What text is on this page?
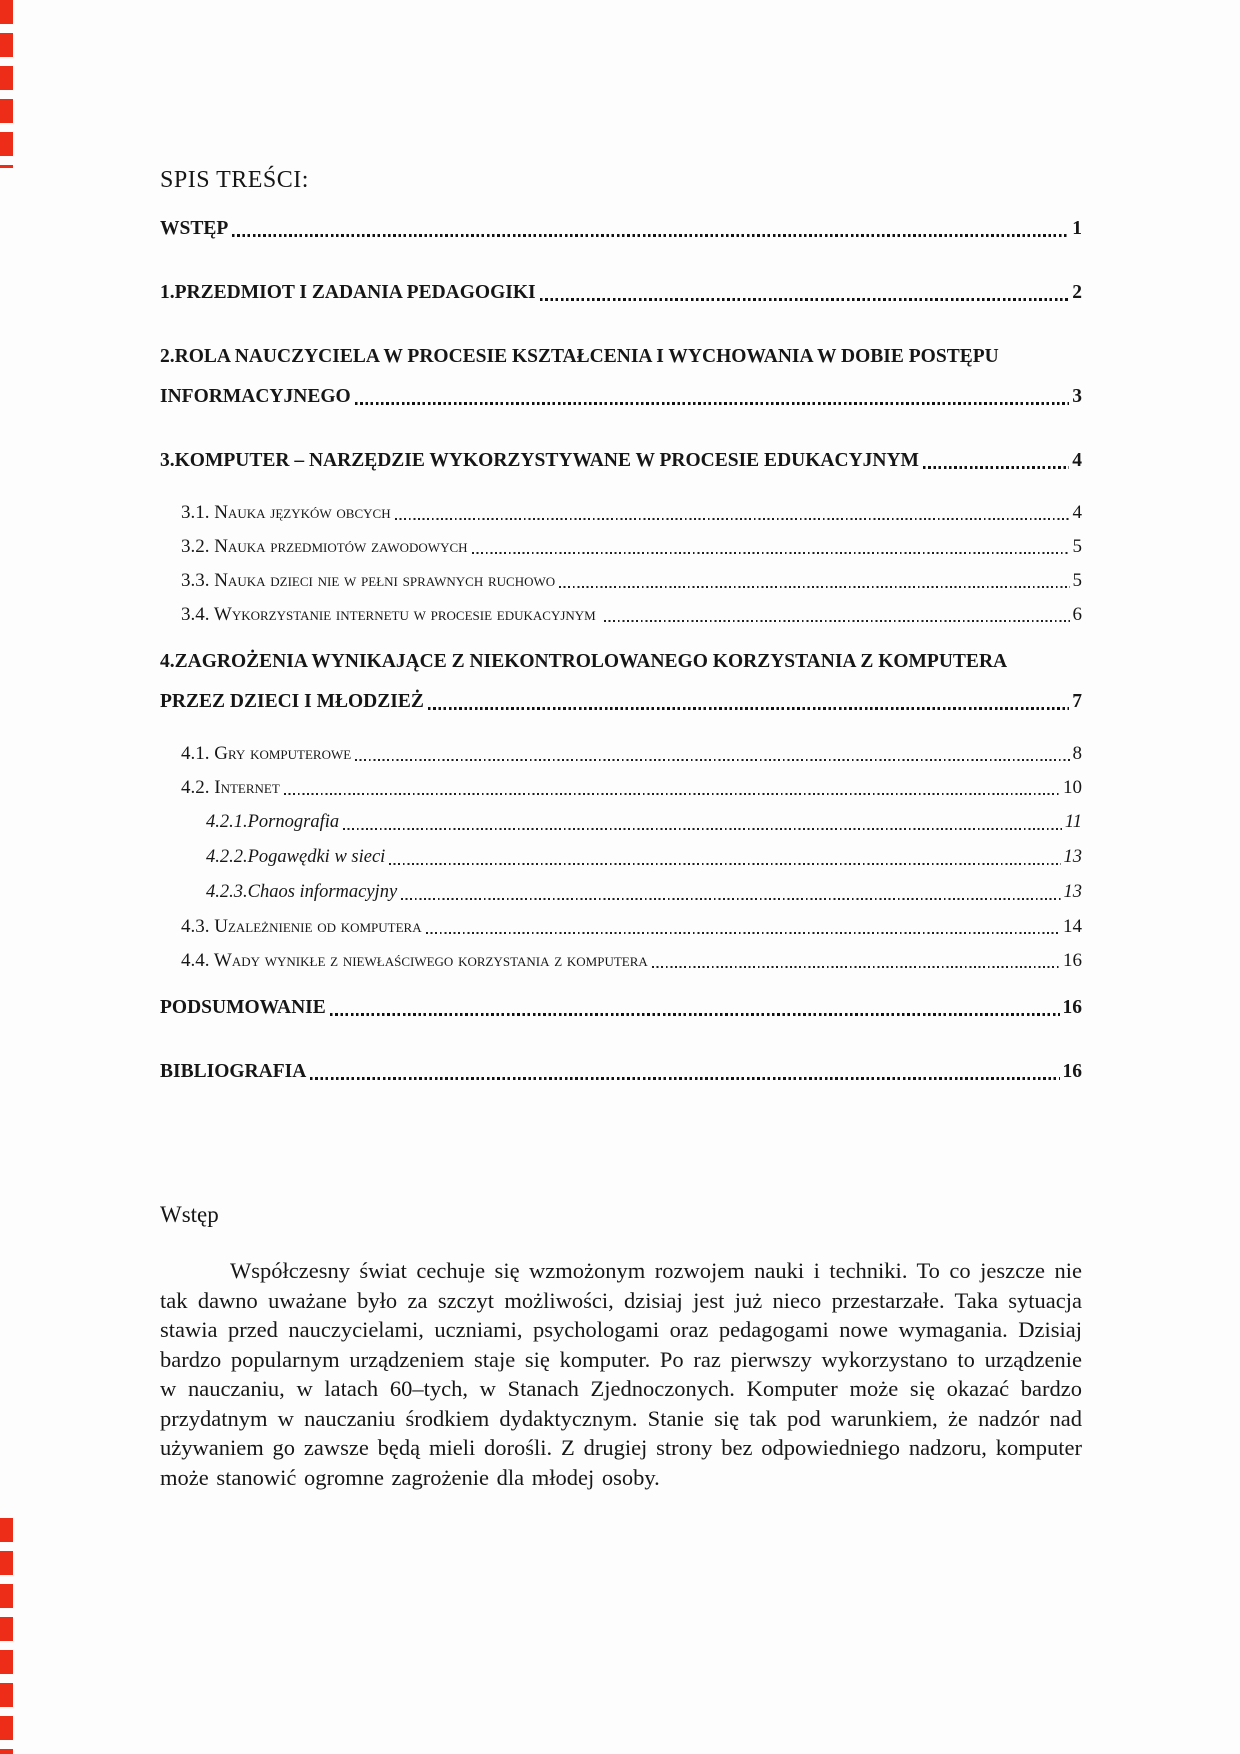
SPIS TREŚCI:
WSTĘP	1
1.PRZEDMIOT I ZADANIA PEDAGOGIKI	2
2.ROLA NAUCZYCIELA W PROCESIE KSZTAŁCENIA I WYCHOWANIA W DOBIE POSTĘPU
INFORMACYJNEGO	3
3.KOMPUTER – NARZĘDZIE WYKORZYSTYWANE W PROCESIE EDUKACYJNYM	4
3.1. Nauka języków obcych	4
3.2. Nauka przedmiotów zawodowych	5
3.3. Nauka dzieci nie w pełni sprawnych ruchowo	5
3.4. Wykorzystanie internetu w procesie edukacyjnym	6
4.ZAGROŻENIA WYNIKAJĄCE Z NIEKONTROLOWANEGO KORZYSTANIA Z KOMPUTERA
PRZEZ DZIECI I MŁODZIEŻ	7
4.1. Gry komputerowe	8
4.2. Internet	10
4.2.1.Pornografia	11
4.2.2.Pogawędki w sieci	13
4.2.3.Chaos informacyjny	13
4.3. Uzależnienie od komputera	14
4.4. Wady wynikłe z niewłaściwego korzystania z komputera	16
PODSUMOWANIE	16
BIBLIOGRAFIA	16
Wstęp

Współczesny świat cechuje się wzmożonym rozwojem nauki i techniki. To co jeszcze nie tak dawno uważane było za szczyt możliwości, dzisiaj jest już nieco przestarzałe. Taka sytuacja stawia przed nauczycielami, uczniami, psychologami oraz pedagogami nowe wymagania. Dzisiaj bardzo popularnym urządzeniem staje się komputer. Po raz pierwszy wykorzystano to urządzenie w nauczaniu, w latach 60–tych, w Stanach Zjednoczonych. Komputer może się okazać bardzo przydatnym w nauczaniu środkiem dydaktycznym. Stanie się tak pod warunkiem, że nadzór nad używaniem go zawsze będą mieli dorośli. Z drugiej strony bez odpowiedniego nadzoru, komputer może stanowić ogromne zagrożenie dla młodej osoby.
